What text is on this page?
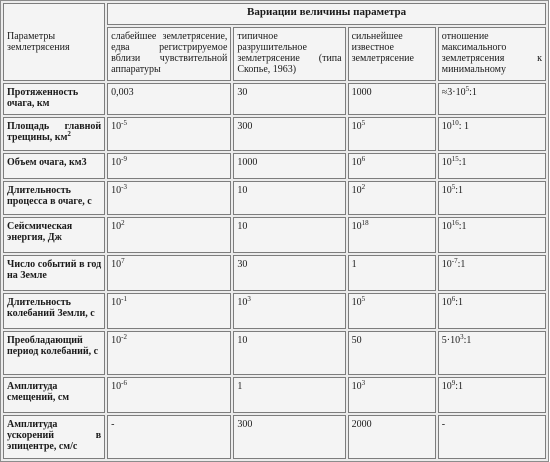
Параметры землетрясения	Вариации величины параметра			
	слабейшее землетрясение, едва регистрируемое вблизи чувствительной аппаратуры	типичное разрушительное землетрясение (типа Скопье, 1963)	сильнейшее известное землетрясение	отношение максимального землетрясения к минимальному
Протяженность очага, км	0,003	30	1000	$\approx 3\cdot 10^5:1$
Площадь главной трещины, $км^2$	$10^{-5}$	300	$10^5$	$10^{10}$: 1
Объем очага, км3	$10^{-9}$	1000	$10^6$	$10^{15}:1$
Длительность процесса в очаге, с	$10^{-3}$	10	$10^2$	$10^5:1$
Сейсмическая энергия, Дж	$10^2$	10	$10^{18}$	$10^{16}:1$
Число событий в год на Земле	$10^7$	30	1	$10^{-7}:1$
Длительность колебаний Земли, с	$10^{-1}$	$10^3$	$10^5$	$10^6:1$
Преобладающий период колебаний, с	$10^{-2}$	10	50	$5\cdot 10^3:1$
Амплитуда смещений, см	$10^{-6}$	1	$10^3$	$10^9:1$
Амплитуда ускорений в эпицентре, см/с	-	300	2000	-
